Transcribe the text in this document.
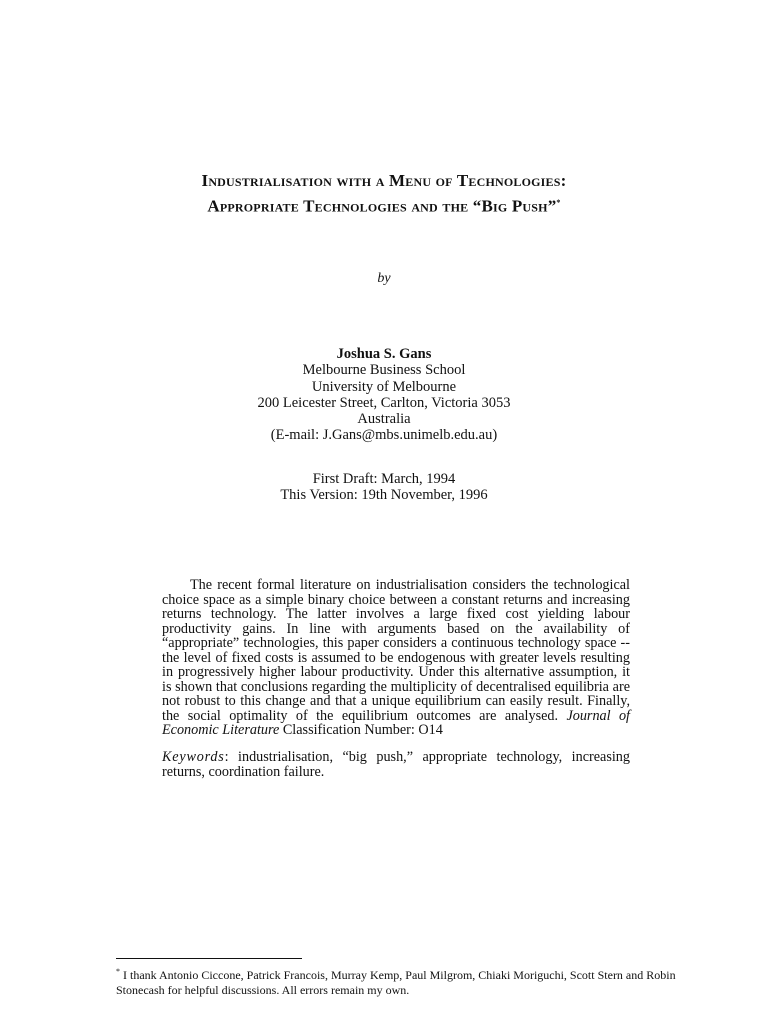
Industrialisation with a Menu of Technologies:
Appropriate Technologies and the “Big Push”*
by
Joshua S. Gans
Melbourne Business School
University of Melbourne
200 Leicester Street, Carlton, Victoria 3053
Australia
(E-mail: J.Gans@mbs.unimelb.edu.au)
First Draft: March, 1994
This Version: 19th November, 1996

The recent formal literature on industrialisation considers the technological choice space as a simple binary choice between a constant returns and increasing returns technology. The latter involves a large fixed cost yielding labour productivity gains. In line with arguments based on the availability of “appropriate” technologies, this paper considers a continuous technology space -- the level of fixed costs is assumed to be endogenous with greater levels resulting in progressively higher labour productivity. Under this alternative assumption, it is shown that conclusions regarding the multiplicity of decentralised equilibria are not robust to this change and that a unique equilibrium can easily result. Finally, the social optimality of the equilibrium outcomes are analysed. Journal of Economic Literature Classification Number: O14

Keywords: industrialisation, “big push,” appropriate technology, increasing returns, coordination failure.
* I thank Antonio Ciccone, Patrick Francois, Murray Kemp, Paul Milgrom, Chiaki Moriguchi, Scott Stern and Robin Stonecash for helpful discussions. All errors remain my own.
